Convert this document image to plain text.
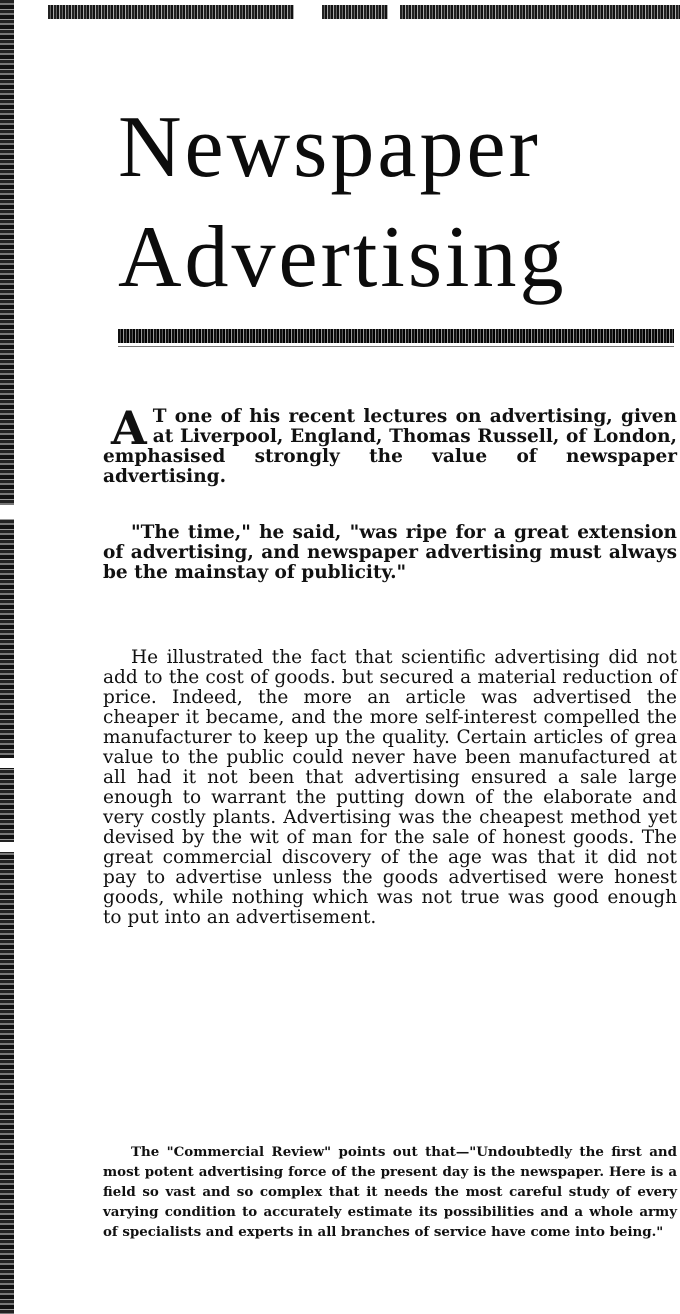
Newspaper
Advertising

A T one of his recent lectures on advertising, given at Liverpool, England, Thomas Russell, of London, emphasised strongly the value of newspaper advertising.

"The time," he said, "was ripe for a great extension of advertising, and newspaper advertising must always be the mainstay of publicity."

He illustrated the fact that scientific advertising did not add to the cost of goods. but secured a material reduction of price. Indeed, the more an article was advertised the cheaper it became, and the more self-interest compelled the manufacturer to keep up the quality. Certain articles of grea value to the public could never have been manufactured at all had it not been that advertising ensured a sale large enough to warrant the putting down of the elaborate and very costly plants. Advertising was the cheapest method yet devised by the wit of man for the sale of honest goods. The great commercial discovery of the age was that it did not pay to advertise unless the goods advertised were honest goods, while nothing which was not true was good enough to put into an advertisement.

The "Commercial Review" points out that—"Undoubtedly the first and most potent advertising force of the present day is the newspaper. Here is a field so vast and so complex that it needs the most careful study of every varying condition to accurately estimate its possibilities and a whole army of specialists and experts in all branches of service have come into being."
